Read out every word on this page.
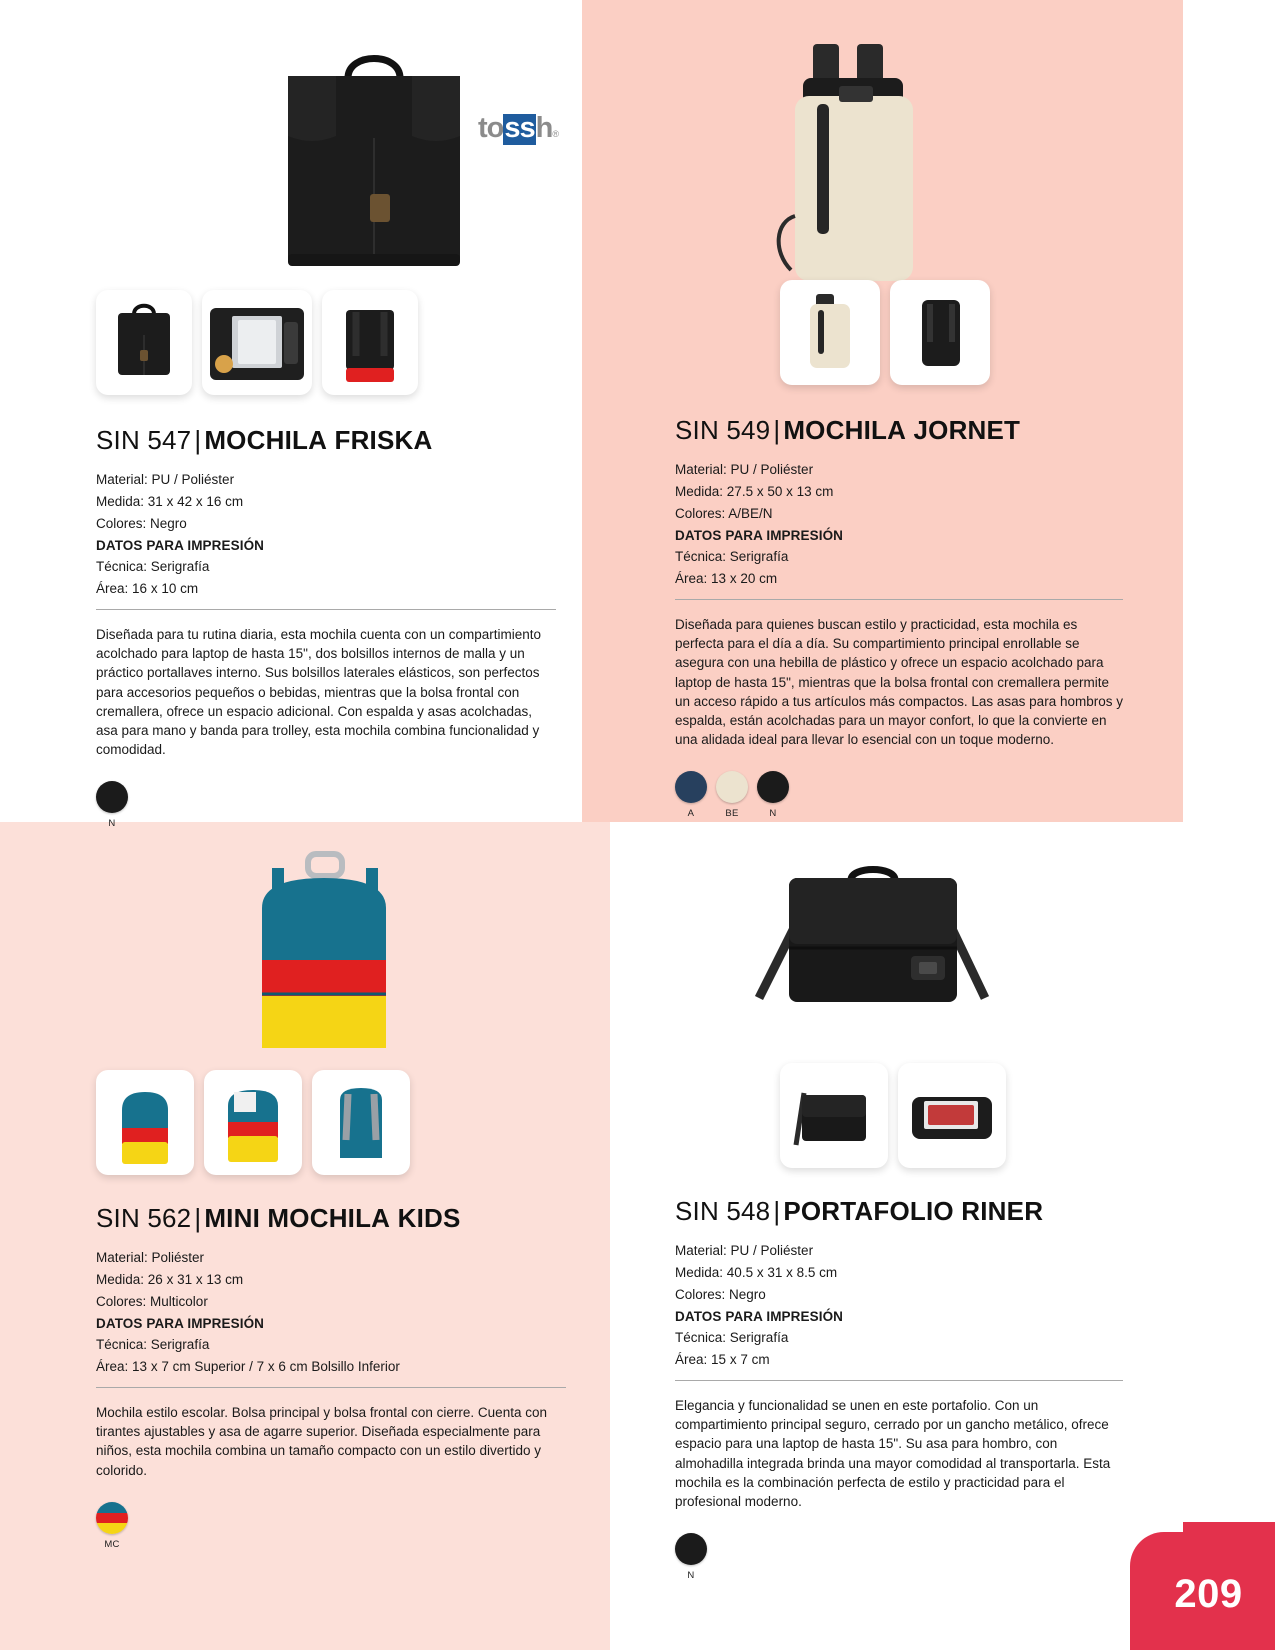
209
to ss h ®
SIN 547 | MOCHILA FRISKA
Material: PU / Poliéster
Medida: 31 x 42 x 16 cm
Colores: Negro
DATOS PARA IMPRESIÓN
Técnica: Serigrafía
Área: 16 x 10 cm

Diseñada para tu rutina diaria, esta mochila cuenta con un compartimiento acolchado para laptop de hasta 15", dos bolsillos internos de malla y un práctico portallaves interno. Sus bolsillos laterales elásticos, son perfectos para accesorios pequeños o bebidas, mientras que la bolsa frontal con cremallera, ofrece un espacio adicional. Con espalda y asas acolchadas, asa para mano y banda para trolley, esta mochila combina funcionalidad y comodidad.

N
SIN 549 | MOCHILA JORNET
Material: PU / Poliéster
Medida: 27.5 x 50 x 13 cm
Colores: A/BE/N
DATOS PARA IMPRESIÓN
Técnica: Serigrafía
Área: 13 x 20 cm

Diseñada para quienes buscan estilo y practicidad, esta mochila es perfecta para el día a día. Su compartimiento principal enrollable se asegura con una hebilla de plástico y ofrece un espacio acolchado para laptop de hasta 15", mientras que la bolsa frontal con cremallera permite un acceso rápido a tus artículos más compactos. Las asas para hombros y espalda, están acolchadas para un mayor confort, lo que la convierte en una alidada ideal para llevar lo esencial con un toque moderno.

A	BE	N
SIN 562 | MINI MOCHILA KIDS
Material: Poliéster
Medida: 26 x 31 x 13 cm
Colores: Multicolor
DATOS PARA IMPRESIÓN
Técnica: Serigrafía
Área: 13 x 7 cm Superior / 7 x 6 cm Bolsillo Inferior

Mochila estilo escolar. Bolsa principal y bolsa frontal con cierre. Cuenta con tirantes ajustables y asa de agarre superior. Diseñada especialmente para niños, esta mochila combina un tamaño compacto con un estilo divertido y colorido.

MC
SIN 548 | PORTAFOLIO RINER
Material: PU / Poliéster
Medida: 40.5 x 31 x 8.5 cm
Colores: Negro
DATOS PARA IMPRESIÓN
Técnica: Serigrafía
Área: 15 x 7 cm

Elegancia y funcionalidad se unen en este portafolio. Con un compartimiento principal seguro, cerrado por un gancho metálico, ofrece espacio para una laptop de hasta 15". Su asa para hombro, con almohadilla integrada brinda una mayor comodidad al transportarla. Esta mochila es la combinación perfecta de estilo y practicidad para el profesional moderno.

N
